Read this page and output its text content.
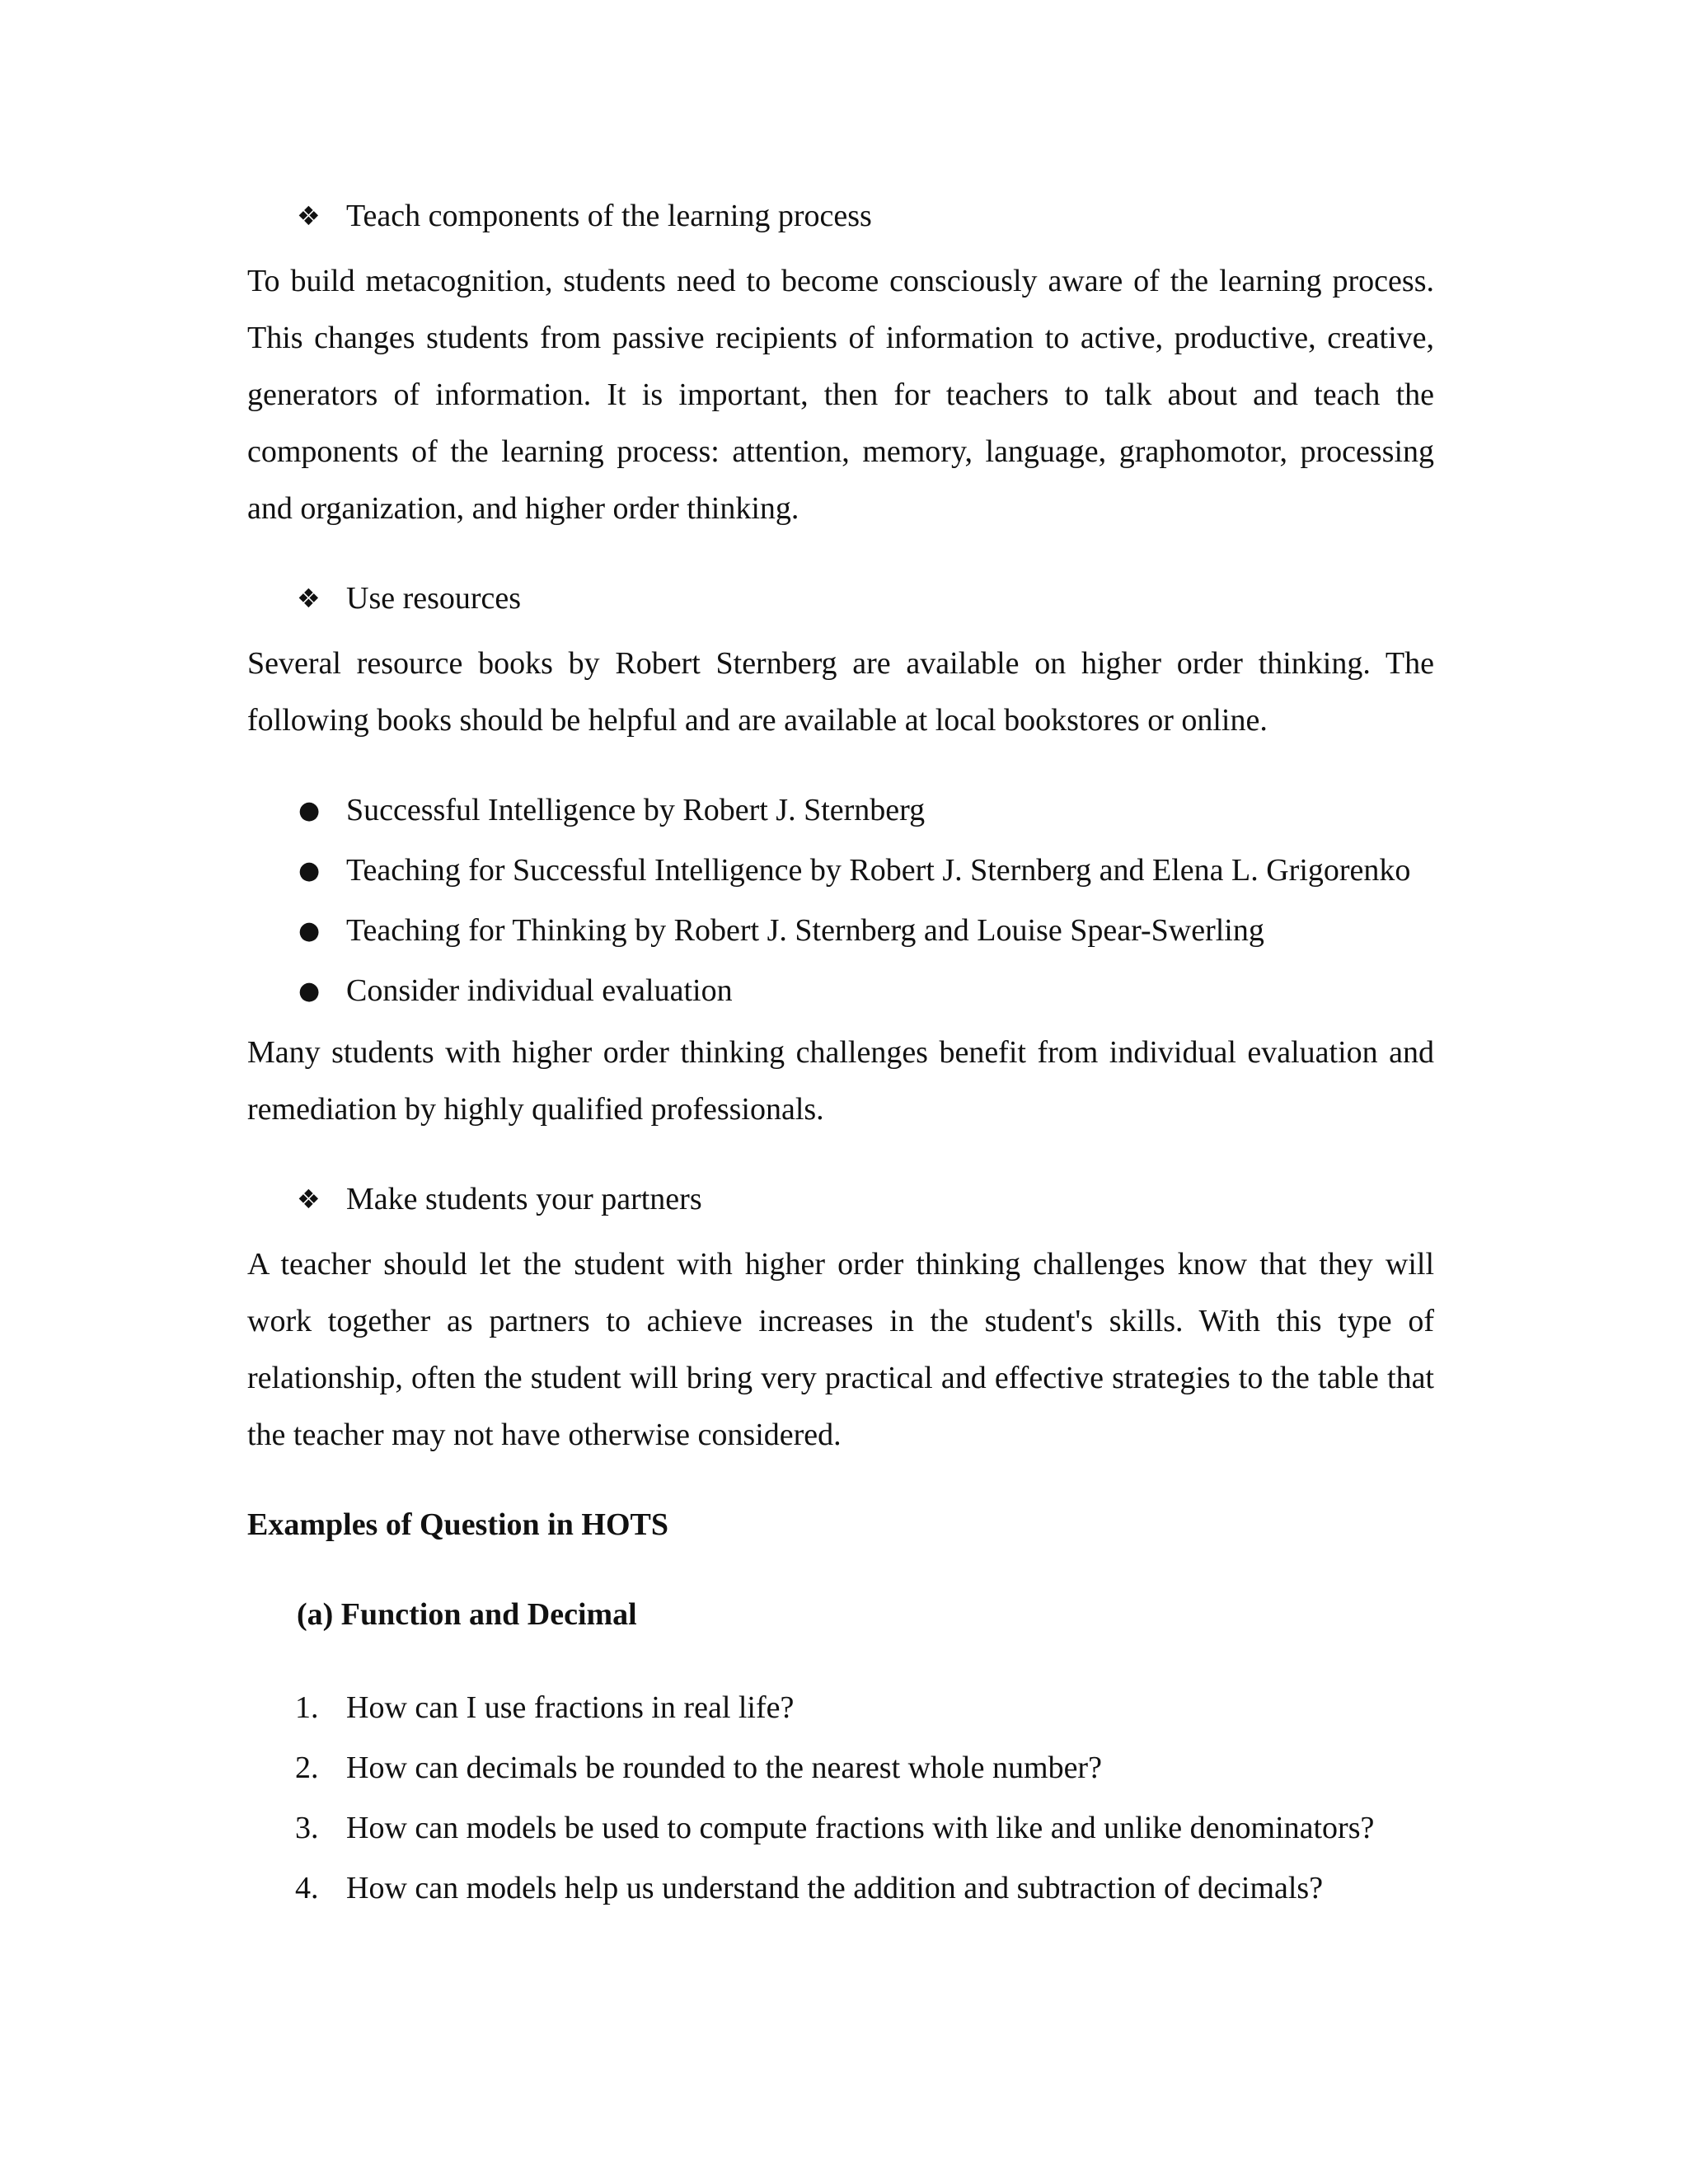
❖ Teach components of the learning process

To build metacognition, students need to become consciously aware of the learning process. This changes students from passive recipients of information to active, productive, creative, generators of information. It is important, then for teachers to talk about and teach the components of the learning process: attention, memory, language, graphomotor, processing and organization, and higher order thinking.

❖ Use resources

Several resource books by Robert Sternberg are available on higher order thinking. The following books should be helpful and are available at local bookstores or online.

● Successful Intelligence by Robert J. Sternberg
● Teaching for Successful Intelligence by Robert J. Sternberg and Elena L. Grigorenko
● Teaching for Thinking by Robert J. Sternberg and Louise Spear-Swerling
● Consider individual evaluation

Many students with higher order thinking challenges benefit from individual evaluation and remediation by highly qualified professionals.

❖ Make students your partners

A teacher should let the student with higher order thinking challenges know that they will work together as partners to achieve increases in the student's skills. With this type of relationship, often the student will bring very practical and effective strategies to the table that the teacher may not have otherwise considered.

Examples of Question in HOTS

(a) Function and Decimal

1. How can I use fractions in real life?
2. How can decimals be rounded to the nearest whole number?
3. How can models be used to compute fractions with like and unlike denominators?
4. How can models help us understand the addition and subtraction of decimals?
